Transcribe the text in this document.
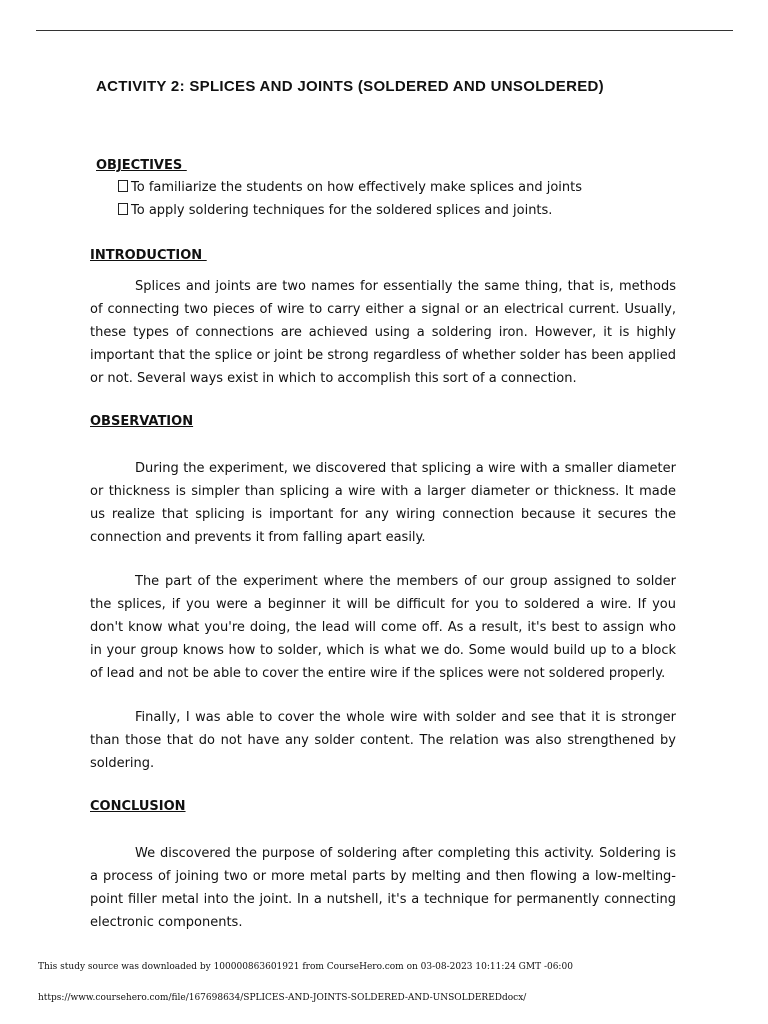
ACTIVITY 2: SPLICES AND JOINTS (SOLDERED AND UNSOLDERED)
OBJECTIVES
To familiarize the students on how effectively make splices and joints
To apply soldering techniques for the soldered splices and joints.
INTRODUCTION

Splices and joints are two names for essentially the same thing, that is, methods of connecting two pieces of wire to carry either a signal or an electrical current. Usually, these types of connections are achieved using a soldering iron. However, it is highly important that the splice or joint be strong regardless of whether solder has been applied or not. Several ways exist in which to accomplish this sort of a connection.

OBSERVATION

During the experiment, we discovered that splicing a wire with a smaller diameter or thickness is simpler than splicing a wire with a larger diameter or thickness. It made us realize that splicing is important for any wiring connection because it secures the connection and prevents it from falling apart easily.

The part of the experiment where the members of our group assigned to solder the splices, if you were a beginner it will be difficult for you to soldered a wire. If you don't know what you're doing, the lead will come off. As a result, it's best to assign who in your group knows how to solder, which is what we do. Some would build up to a block of lead and not be able to cover the entire wire if the splices were not soldered properly.

Finally, I was able to cover the whole wire with solder and see that it is stronger than those that do not have any solder content. The relation was also strengthened by soldering.

CONCLUSION

We discovered the purpose of soldering after completing this activity. Soldering is a process of joining two or more metal parts by melting and then flowing a low-melting-point filler metal into the joint. In a nutshell, it's a technique for permanently connecting electronic components.

This study source was downloaded by 100000863601921 from CourseHero.com on 03-08-2023 10:11:24 GMT -06:00

https://www.coursehero.com/file/167698634/SPLICES-AND-JOINTS-SOLDERED-AND-UNSOLDEREDdocx/
